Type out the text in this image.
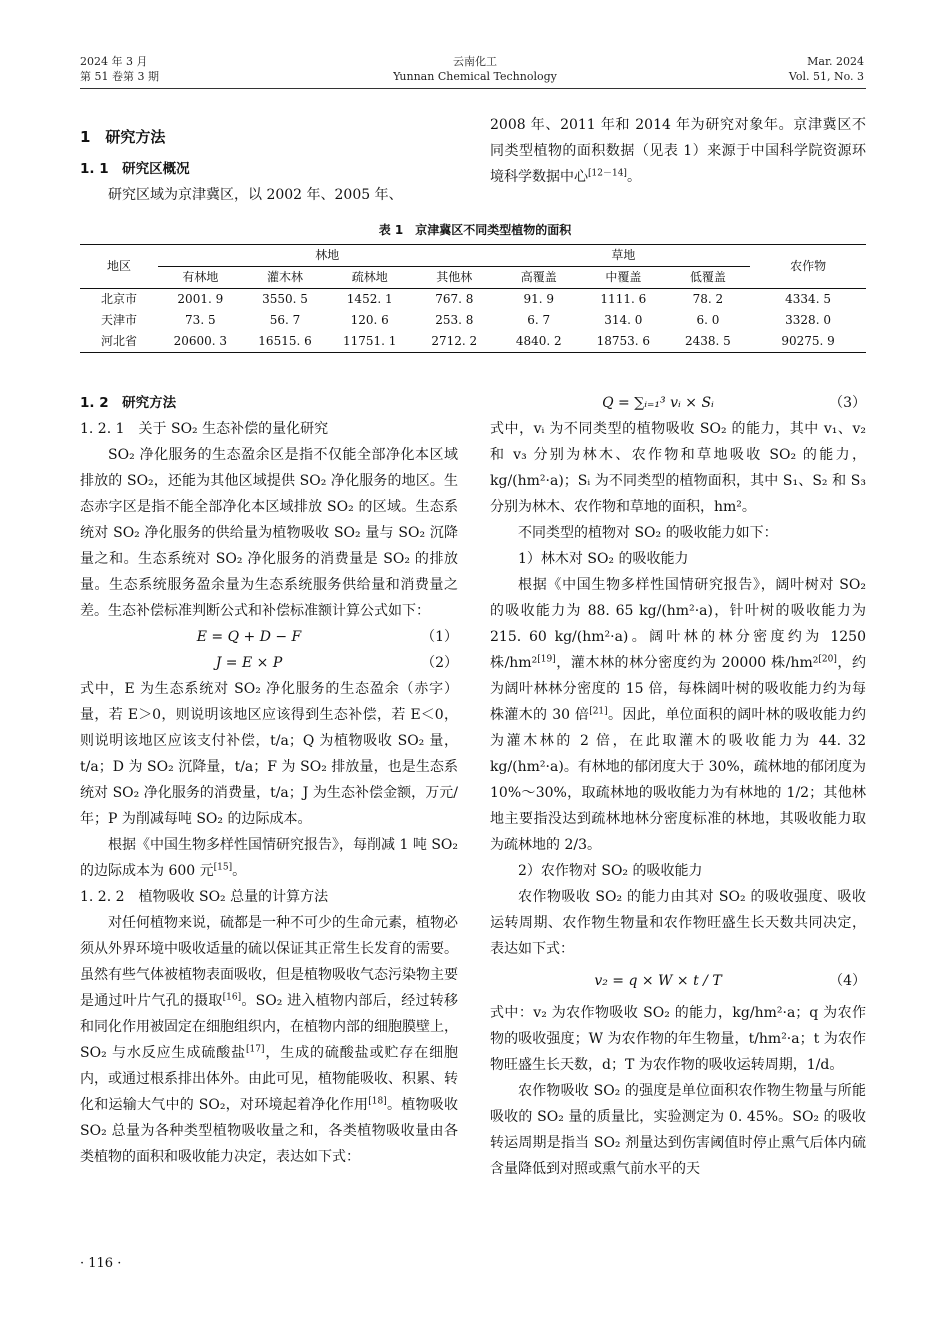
2024 年 3 月
第 51 卷第 3 期
云南化工
Yunnan Chemical Technology
Mar. 2024
Vol. 51, No. 3
1　研究方法
1. 1　研究区概况

研究区域为京津冀区，以 2002 年、2005 年、

2008 年、2011 年和 2014 年为研究对象年。京津冀区不同类型植物的面积数据（见表 1）来源于中国科学院资源环境科学数据中心[12－14]。

表 1　京津冀区不同类型植物的面积
地区	林地				草地			农作物
	有林地	灌木林	疏林地	其他林	高覆盖	中覆盖	低覆盖	
北京市	2001. 9	3550. 5	1452. 1	767. 8	91. 9	1111. 6	78. 2	4334. 5
天津市	73. 5	56. 7	120. 6	253. 8	6. 7	314. 0	6. 0	3328. 0
河北省	20600. 3	16515. 6	11751. 1	2712. 2	4840. 2	18753. 6	2438. 5	90275. 9
1. 2　研究方法
1. 2. 1　关于 SO₂ 生态补偿的量化研究

SO₂ 净化服务的生态盈余区是指不仅能全部净化本区域排放的 SO₂，还能为其他区域提供 SO₂ 净化服务的地区。生态赤字区是指不能全部净化本区域排放 SO₂ 的区域。生态系统对 SO₂ 净化服务的供给量为植物吸收 SO₂ 量与 SO₂ 沉降量之和。生态系统对 SO₂ 净化服务的消费量是 SO₂ 的排放量。生态系统服务盈余量为生态系统服务供给量和消费量之差。生态补偿标准判断公式和补偿标准额计算公式如下：

E = Q + D − F	（1）
J = E × P	（2）

式中，E 为生态系统对 SO₂ 净化服务的生态盈余（赤字）量，若 E＞0，则说明该地区应该得到生态补偿，若 E＜0，则说明该地区应该支付补偿，t/a；Q 为植物吸收 SO₂ 量，t/a；D 为 SO₂ 沉降量，t/a；F 为 SO₂ 排放量，也是生态系统对 SO₂ 净化服务的消费量，t/a；J 为生态补偿金额，万元/年；P 为削减每吨 SO₂ 的边际成本。

根据《中国生物多样性国情研究报告》，每削减 1 吨 SO₂ 的边际成本为 600 元[15]。

1. 2. 2　植物吸收 SO₂ 总量的计算方法

对任何植物来说，硫都是一种不可少的生命元素，植物必须从外界环境中吸收适量的硫以保证其正常生长发育的需要。虽然有些气体被植物表面吸收，但是植物吸收气态污染物主要是通过叶片气孔的摄取[16]。SO₂ 进入植物内部后，经过转移和同化作用被固定在细胞组织内，在植物内部的细胞膜壁上，SO₂ 与水反应生成硫酸盐[17]，生成的硫酸盐或贮存在细胞内，或通过根系排出体外。由此可见，植物能吸收、积累、转化和运输大气中的 SO₂，对环境起着净化作用[18]。植物吸收 SO₂ 总量为各种类型植物吸收量之和，各类植物吸收量由各类植物的面积和吸收能力决定，表达如下式：

Q = ∑ᵢ₌₁³ vᵢ × Sᵢ	（3）

式中，vᵢ 为不同类型的植物吸收 SO₂ 的能力，其中 v₁、v₂ 和 v₃ 分别为林木、农作物和草地吸收 SO₂ 的能力，kg/(hm²·a)；Sᵢ 为不同类型的植物面积，其中 S₁、S₂ 和 S₃ 分别为林木、农作物和草地的面积，hm²。

不同类型的植物对 SO₂ 的吸收能力如下：

1）林木对 SO₂ 的吸收能力

根据《中国生物多样性国情研究报告》，阔叶树对 SO₂ 的吸收能力为 88. 65 kg/(hm²·a)，针叶树的吸收能力为 215. 60 kg/(hm²·a)。阔叶林的林分密度约为 1250 株/hm²[19]，灌木林的林分密度约为 20000 株/hm²[20]，约为阔叶林林分密度的 15 倍，每株阔叶树的吸收能力约为每株灌木的 30 倍[21]。因此，单位面积的阔叶林的吸收能力约为灌木林的 2 倍，在此取灌木的吸收能力为 44. 32 kg/(hm²·a)。有林地的郁闭度大于 30%，疏林地的郁闭度为 10%～30%，取疏林地的吸收能力为有林地的 1/2；其他林地主要指没达到疏林地林分密度标准的林地，其吸收能力取为疏林地的 2/3。

2）农作物对 SO₂ 的吸收能力

农作物吸收 SO₂ 的能力由其对 SO₂ 的吸收强度、吸收运转周期、农作物生物量和农作物旺盛生长天数共同决定，表达如下式：

v₂ = q × W × t / T	（4）

式中：v₂ 为农作物吸收 SO₂ 的能力，kg/hm²·a；q 为农作物的吸收强度；W 为农作物的年生物量，t/hm²·a；t 为农作物旺盛生长天数，d；T 为农作物的吸收运转周期，1/d。

农作物吸收 SO₂ 的强度是单位面积农作物生物量与所能吸收的 SO₂ 量的质量比，实验测定为 0. 45%。SO₂ 的吸收转运周期是指当 SO₂ 剂量达到伤害阈值时停止熏气后体内硫含量降低到对照或熏气前水平的天

· 116 ·
